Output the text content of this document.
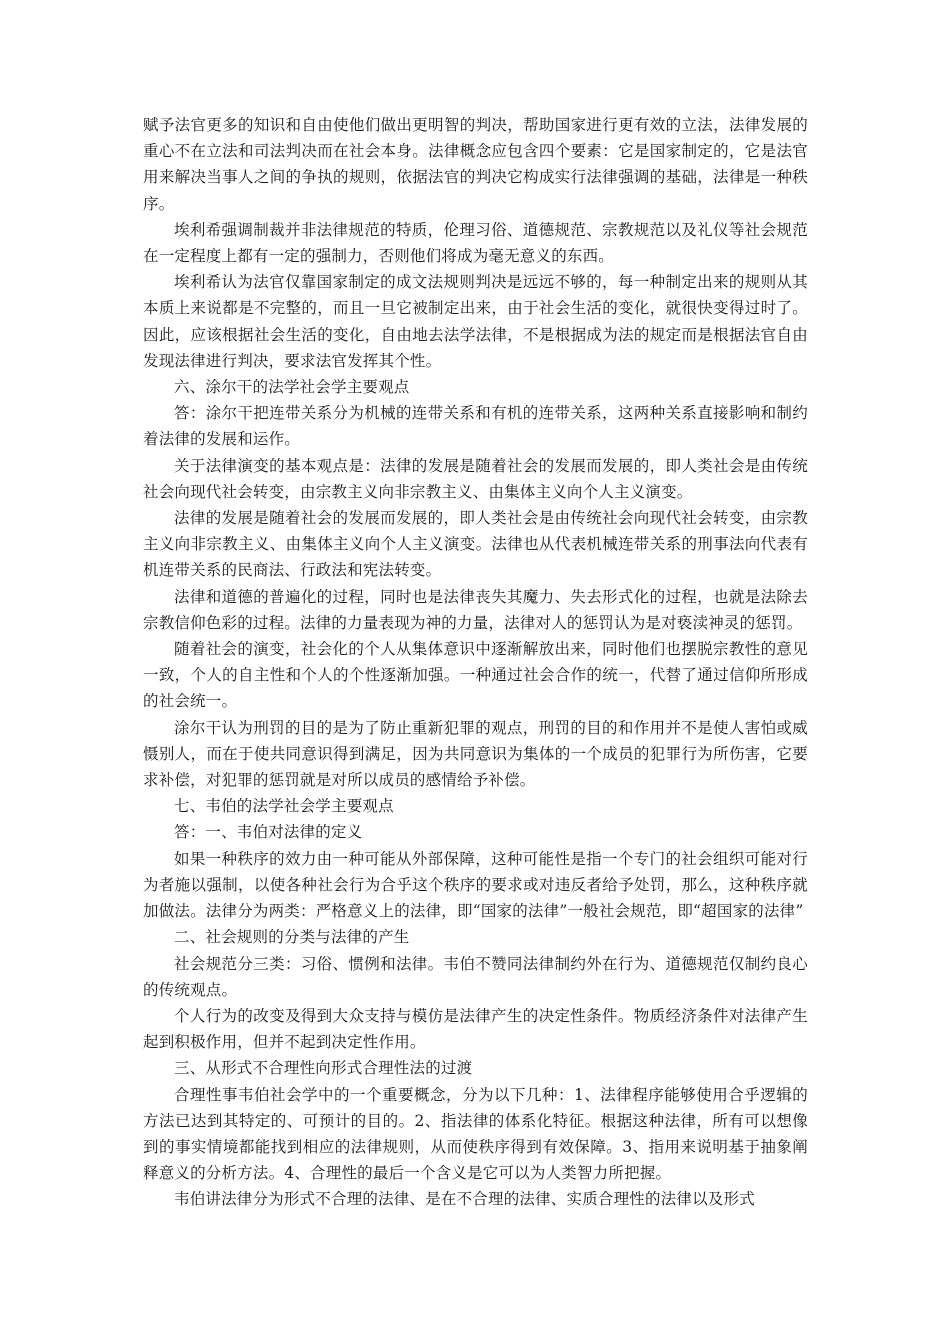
赋予法官更多的知识和自由使他们做出更明智的判决，帮助国家进行更有效的立法，法律发展的重心不在立法和司法判决而在社会本身。法律概念应包含四个要素：它是国家制定的，它是法官用来解决当事人之间的争执的规则，依据法官的判决它构成实行法律强调的基础，法律是一种秩序。

埃利希强调制裁并非法律规范的特质，伦理习俗、道德规范、宗教规范以及礼仪等社会规范在一定程度上都有一定的强制力，否则他们将成为毫无意义的东西。

埃利希认为法官仅靠国家制定的成文法规则判决是远远不够的，每一种制定出来的规则从其本质上来说都是不完整的，而且一旦它被制定出来，由于社会生活的变化，就很快变得过时了。因此，应该根据社会生活的变化，自由地去法学法律，不是根据成为法的规定而是根据法官自由发现法律进行判决，要求法官发挥其个性。

六、涂尔干的法学社会学主要观点

答：涂尔干把连带关系分为机械的连带关系和有机的连带关系，这两种关系直接影响和制约着法律的发展和运作。

关于法律演变的基本观点是：法律的发展是随着社会的发展而发展的，即人类社会是由传统社会向现代社会转变，由宗教主义向非宗教主义、由集体主义向个人主义演变。

法律的发展是随着社会的发展而发展的，即人类社会是由传统社会向现代社会转变，由宗教主义向非宗教主义、由集体主义向个人主义演变。法律也从代表机械连带关系的刑事法向代表有机连带关系的民商法、行政法和宪法转变。

法律和道德的普遍化的过程，同时也是法律丧失其魔力、失去形式化的过程，也就是法除去宗教信仰色彩的过程。法律的力量表现为神的力量，法律对人的惩罚认为是对亵渎神灵的惩罚。

随着社会的演变，社会化的个人从集体意识中逐渐解放出来，同时他们也摆脱宗教性的意见一致，个人的自主性和个人的个性逐渐加强。一种通过社会合作的统一，代替了通过信仰所形成的社会统一。

涂尔干认为刑罚的目的是为了防止重新犯罪的观点，刑罚的目的和作用并不是使人害怕或威慑别人，而在于使共同意识得到满足，因为共同意识为集体的一个成员的犯罪行为所伤害，它要求补偿，对犯罪的惩罚就是对所以成员的感情给予补偿。

七、韦伯的法学社会学主要观点

答：一、韦伯对法律的定义

如果一种秩序的效力由一种可能从外部保障，这种可能性是指一个专门的社会组织可能对行为者施以强制，以使各种社会行为合乎这个秩序的要求或对违反者给予处罚，那么，这种秩序就加做法。法律分为两类：严格意义上的法律，即“国家的法律”一般社会规范，即“超国家的法律”

二、社会规则的分类与法律的产生

社会规范分三类：习俗、惯例和法律。韦伯不赞同法律制约外在行为、道德规范仅制约良心的传统观点。

个人行为的改变及得到大众支持与模仿是法律产生的决定性条件。物质经济条件对法律产生起到积极作用，但并不起到决定性作用。

三、从形式不合理性向形式合理性法的过渡

合理性事韦伯社会学中的一个重要概念，分为以下几种：1、法律程序能够使用合乎逻辑的方法已达到其特定的、可预计的目的。2、指法律的体系化特征。根据这种法律，所有可以想像到的事实情境都能找到相应的法律规则，从而使秩序得到有效保障。3、指用来说明基于抽象阐释意义的分析方法。4、合理性的最后一个含义是它可以为人类智力所把握。

韦伯讲法律分为形式不合理的法律、是在不合理的法律、实质合理性的法律以及形式
